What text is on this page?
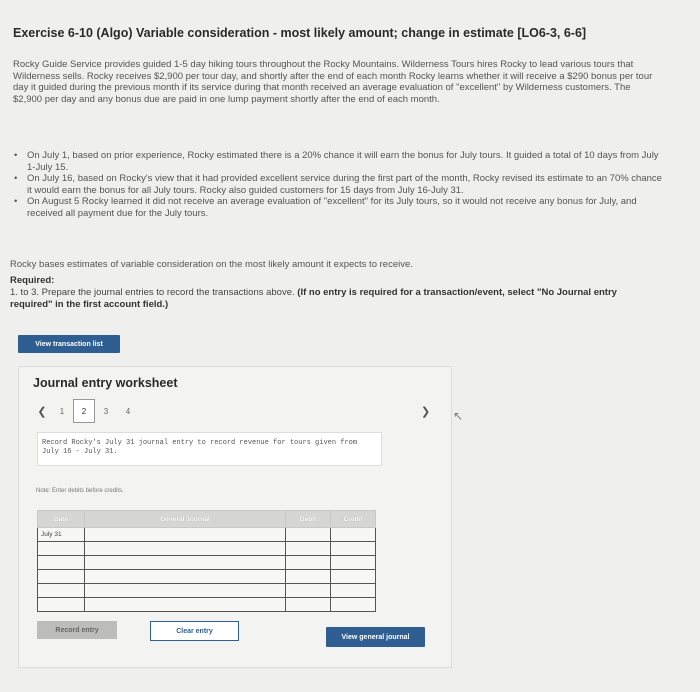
Exercise 6-10 (Algo) Variable consideration - most likely amount; change in estimate [LO6-3, 6-6]
Rocky Guide Service provides guided 1-5 day hiking tours throughout the Rocky Mountains. Wilderness Tours hires Rocky to lead various tours that Wilderness sells. Rocky receives $2,900 per tour day, and shortly after the end of each month Rocky learns whether it will receive a $290 bonus per tour day it guided during the previous month if its service during that month received an average evaluation of "excellent" by Wilderness customers. The $2,900 per day and any bonus due are paid in one lump payment shortly after the end of each month.
• On July 1, based on prior experience, Rocky estimated there is a 20% chance it will earn the bonus for July tours. It guided a total of 10 days from July 1-July 15.
• On July 16, based on Rocky's view that it had provided excellent service during the first part of the month, Rocky revised its estimate to an 70% chance it would earn the bonus for all July tours. Rocky also guided customers for 15 days from July 16-July 31.
• On August 5 Rocky learned it did not receive an average evaluation of "excellent" for its July tours, so it would not receive any bonus for July, and received all payment due for the July tours.
Rocky bases estimates of variable consideration on the most likely amount it expects to receive.
Required:
1. to 3. Prepare the journal entries to record the transactions above. (If no entry is required for a transaction/event, select "No Journal entry required" in the first account field.)
View transaction list
Journal entry worksheet
❮	1	2	3	4	❯ ↖
Record Rocky's July 31 journal entry to record revenue for tours given from July 16 - July 31.
Note: Enter debits before credits.
Date	General Journal	Debit	Credit
July 31			

Record entry	Clear entry
View general journal
